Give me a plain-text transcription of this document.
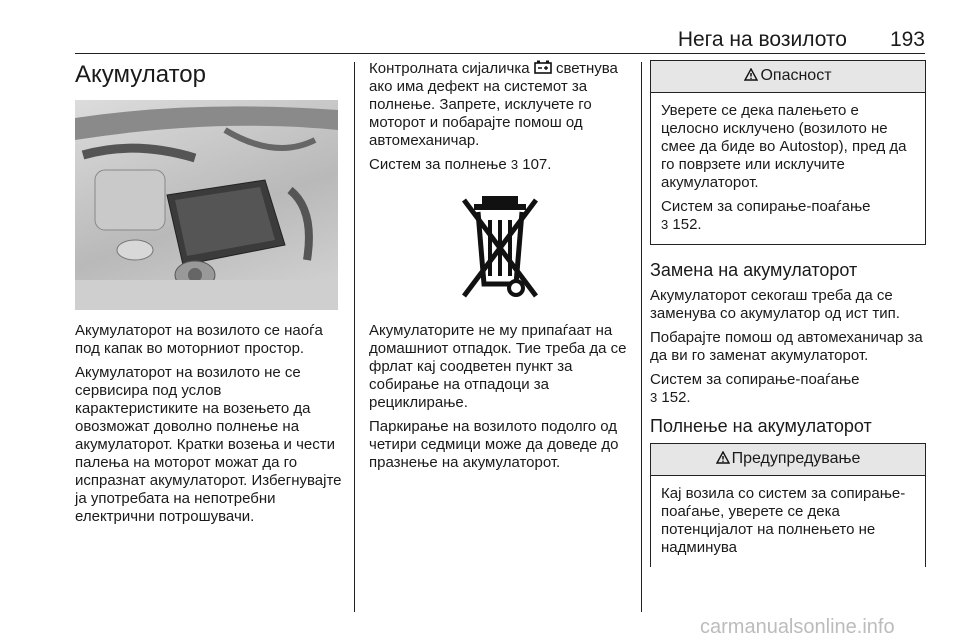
Нега на возилото 193
Акумулатор

Акумулаторот на возилото се наоѓа под капак во моторниот простор.

Акумулаторот на возилото не се сервисира под услов карактеристиките на возењето да овозможат доволно полнење на акумулаторот. Кратки возења и чести палења на моторот можат да го испразнат акумулаторот. Избегнувајте ја употребата на непотребни електрични потрошувачи.

Контролната сијаличка светнува ако има дефект на системот за полнење. Запрете, исклучете го моторот и побарајте помош од автомеханичар.

Систем за полнење 3 107.

Акумулаторите не му припаѓаат на домашниот отпадок. Тие треба да се фрлат кај соодветен пункт за собирање на отпадоци за рециклирање.

Паркирање на возилото подолго од четири седмици може да доведе до празнење на акумулаторот.

Опасност

Уверете се дека палењето е целосно исклучено (возилото не смее да биде во Autostop), пред да го поврзете или исклучите акумулаторот.

Систем за сопирање-поаѓање
3 152.

Замена на акумулаторот

Акумулаторот секогаш треба да се заменува со акумулатор од ист тип.

Побарајте помош од автомеханичар за да ви го заменат акумулаторот.

Систем за сопирање-поаѓање
3 152.

Полнење на акумулаторот
Предупредување

Кај возила со систем за сопирање-поаѓање, уверете се дека потенцијалот на полнењето не надминува

carmanualsonline.info
